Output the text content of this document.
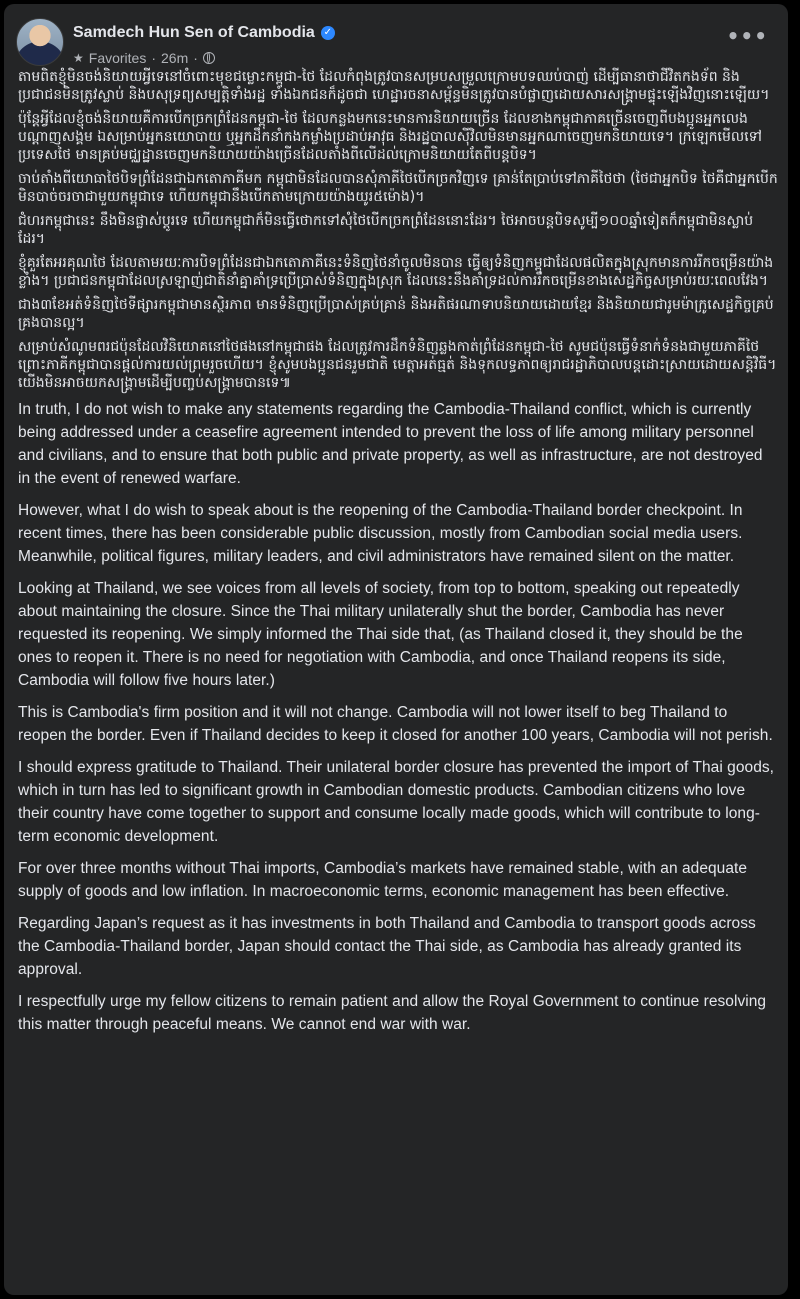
Samdech Hun Sen of Cambodia ✓
★ Favorites · 26m ·
•••

តាមពិតខ្ញុំមិនចង់និយាយអ្វីទេនៅចំពោះមុខជម្លោះកម្ពុជា-ថៃ ដែលកំពុងត្រូវបានសម្របសម្រួលក្រោមបទឈប់បាញ់ ដើម្បីធានាថាជីវិតកងទ័ព និងប្រជាជនមិនត្រូវស្លាប់ និងបសុទ្រព្យសម្បត្តិទាំងរដ្ឋ ទាំងឯកជនក៏ដូចជា ហេដ្ឋារចនាសម្ព័ន្ធមិនត្រូវបានបំផ្លាញដោយសារសង្គ្រាមផ្ទុះឡើងវិញនោះឡើយ។

ប៉ុន្តែអ្វីដែលខ្ញុំចង់និយាយគឺការបើកច្រកព្រំដែនកម្ពុជា-ថៃ ដែលកន្លងមកនេះមានការនិយាយច្រើន ដែលខាងកម្ពុជាភាគច្រើនចេញពីបងប្អូនអ្នកលេងបណ្តាញសង្គម ឯសម្រាប់អ្នកនយោបាយ ឬអ្នកដឹកនាំកងកម្លាំងប្រដាប់អាវុធ និងរដ្ឋបាលស៊ីវិលមិនមានអ្នកណាចេញមកនិយាយទេ។ ក្រឡេកមើលទៅប្រទេសថៃ មានគ្រប់មជ្ឈដ្ឋានចេញមកនិយាយយ៉ាងច្រើនដែលតាំងពីលើដល់ក្រោមនិយាយតែពីបន្តបិទ។

ចាប់តាំងពីយោធាថៃបិទព្រំដែនជាឯកតោភាគីមក កម្ពុជាមិនដែលបានសុំភាគីថៃបើកច្រកវិញទេ គ្រាន់តែប្រាប់ទៅភាគីថៃថា (ថៃជាអ្នកបិទ ថៃគឺជាអ្នកបើកមិនបាច់ចរចាជាមួយកម្ពុជាទេ ហើយកម្ពុជានឹងបើកតាមក្រោយយ៉ាងយូរ៥ម៉ោង)។

ជំហរកម្ពុជានេះ នឹងមិនផ្លាស់ប្តូរទេ ហើយកម្ពុជាក៏មិនធ្វើថោកទៅសុំថៃបើកច្រកព្រំដែននោះដែរ។ ថៃអាចបន្តបិទសូម្បី១០០ឆ្នាំទៀតក៏កម្ពុជាមិនស្លាប់ដែរ។

ខ្ញុំគួរតែអរគុណថៃ ដែលតាមរយៈការបិទព្រំដែនជាឯកតោភាគីនេះទំនិញថៃនាំចូលមិនបាន ធ្វើឲ្យទំនិញកម្ពុជាដែលផលិតក្នុងស្រុកមានការរីកចម្រើនយ៉ាងខ្លាំង។ ប្រជាជនកម្ពុជាដែលស្រឡាញ់ជាតិនាំគ្នាគាំទ្រប្រើប្រាស់ទំនិញក្នុងស្រុក ដែលនេះនឹងគាំទ្រដល់ការរីកចម្រើនខាងសេដ្ឋកិច្ចសម្រាប់រយៈពេលវែង។

ជាង៣ខែអត់ទំនិញថៃទីផ្សារកម្ពុជាមានស្ថិរភាព មានទំនិញប្រើប្រាស់គ្រប់គ្រាន់ និងអតិផរណាទាបនិយាយដោយខ្មែរ និងនិយាយជារូមម៉ាក្រូសេដ្ឋកិច្ចគ្រប់គ្រងបានល្អ។

សម្រាប់សំណូមពរជប៉ុនដែលវិនិយោគនៅថៃផងនៅកម្ពុជាផង ដែលត្រូវការដឹកទំនិញឆ្លងកាត់ព្រំដែនកម្ពុជា-ថៃ សូមជប៉ុនធ្វើទំនាក់ទំនងជាមួយភាគីថៃ ព្រោះភាគីកម្ពុជាបានផ្តល់ការយល់ព្រមរួចហើយ។ ខ្ញុំសូមបងប្អូនជនរួមជាតិ មេត្តាអត់ធ្មត់ និងទុកលទ្ធភាពឲ្យរាជរដ្ឋាភិបាលបន្តដោះស្រាយដោយសន្តិវិធី។ យើងមិនអាចយកសង្គ្រាមដើម្បីបញ្ចប់សង្គ្រាមបានទេ៕

In truth, I do not wish to make any statements regarding the Cambodia-Thailand conflict, which is currently being addressed under a ceasefire agreement intended to prevent the loss of life among military personnel and civilians, and to ensure that both public and private property, as well as infrastructure, are not destroyed in the event of renewed warfare.

However, what I do wish to speak about is the reopening of the Cambodia-Thailand border checkpoint. In recent times, there has been considerable public discussion, mostly from Cambodian social media users. Meanwhile, political figures, military leaders, and civil administrators have remained silent on the matter.

Looking at Thailand, we see voices from all levels of society, from top to bottom, speaking out repeatedly about maintaining the closure. Since the Thai military unilaterally shut the border, Cambodia has never requested its reopening. We simply informed the Thai side that, (as Thailand closed it, they should be the ones to reopen it. There is no need for negotiation with Cambodia, and once Thailand reopens its side, Cambodia will follow five hours later.)

This is Cambodia's firm position and it will not change. Cambodia will not lower itself to beg Thailand to reopen the border. Even if Thailand decides to keep it closed for another 100 years, Cambodia will not perish.

I should express gratitude to Thailand. Their unilateral border closure has prevented the import of Thai goods, which in turn has led to significant growth in Cambodian domestic products. Cambodian citizens who love their country have come together to support and consume locally made goods, which will contribute to long-term economic development.

For over three months without Thai imports, Cambodia’s markets have remained stable, with an adequate supply of goods and low inflation. In macroeconomic terms, economic management has been effective.

Regarding Japan’s request as it has investments in both Thailand and Cambodia to transport goods across the Cambodia-Thailand border, Japan should contact the Thai side, as Cambodia has already granted its approval.

I respectfully urge my fellow citizens to remain patient and allow the Royal Government to continue resolving this matter through peaceful means. We cannot end war with war.
